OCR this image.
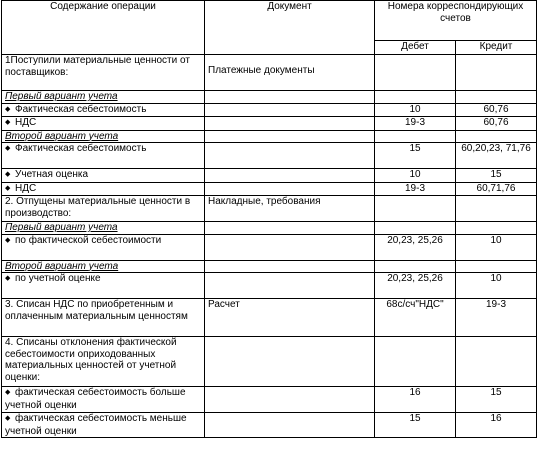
Содержание операции	Документ	Номера корреспондирующих счетов	
		Дебет	Кредит
1Поступили материальные ценности от поставщиков:	Платежные документы		
Первый вариант учета			
◆Фактическая себестоимость		10	60,76
◆НДС		19-3	60,76
Второй вариант учета			
◆Фактическая себестоимость		15	60,20,23, 71,76
◆Учетная оценка		10	15
◆НДС		19-3	60,71,76
2. Отпущены материальные ценности в производство:	Накладные, требования		
Первый вариант учета			
◆по фактической себестоимости		20,23, 25,26	10
Второй вариант учета			
◆по учетной оценке		20,23, 25,26	10
3. Списан НДС по приобретенным и оплаченным материальным ценностям	Расчет	68с/сч"НДС"	19-3
4. Списаны отклонения фактической себестоимости оприходованных материальных ценностей от учетной оценки:			
◆фактическая себестоимость больше учетной оценки		16	15
◆фактическая себестоимость меньше учетной оценки		15	16
